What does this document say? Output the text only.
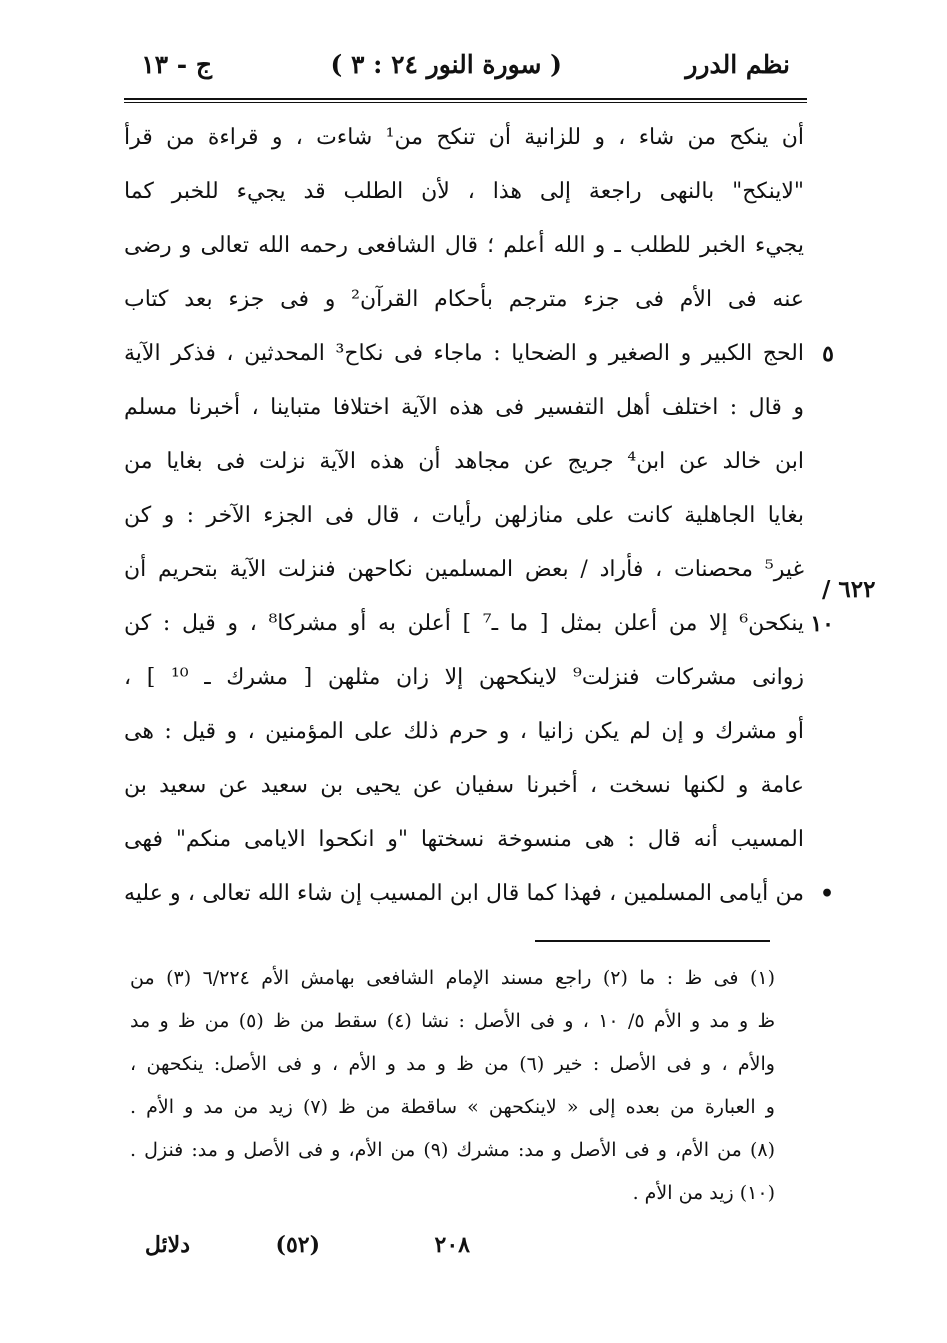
نظم الدرر
( سورة النور ٢٤ : ٣ )
ج - ١٣
أن ينكح من شاء ، و للزانية أن تنكح من¹ شاءت ، و قراءة من قرأ
"لاينكح" بالنهى راجعة إلى هذا ، لأن الطلب قد يجيء للخبر كما
يجيء الخبر للطلب ـ و الله أعلم ؛ قال الشافعى رحمه الله تعالى و رضى
عنه فى الأم فى جزء مترجم بأحكام القرآن² و فى جزء بعد كتاب
٥
الحج الكبير و الصغير و الضحايا : ماجاء فى نكاح³ المحدثين ، فذكر الآية
و قال : اختلف أهل التفسير فى هذه الآية اختلافا متباينا ، أخبرنا مسلم
ابن خالد عن ابن⁴ جريج عن مجاهد أن هذه الآية نزلت فى بغايا من
بغايا الجاهلية كانت على منازلهن رأيات ، قال فى الجزء الآخر : و كن
غير⁵ محصنات ، فأراد / بعض المسلمين نكاحهن فنزلت الآية بتحريم أن
١٠
ينكحن⁶ إلا من أعلن بمثل [ ما ـ⁷ ] أعلن به أو مشركا⁸ ، و قيل : كن
زوانى مشركات فنزلت⁹ لاينكحهن إلا زان مثلهن [ مشرك ـ ¹⁰ ] ،
أو مشرك و إن لم يكن زانيا ، و حرم ذلك على المؤمنين ، و قيل : هى
عامة و لكنها نسخت ، أخبرنا سفيان عن يحيى بن سعيد عن سعيد بن
المسيب أنه قال : هى منسوخة نسختها "و انكحوا الايامى منكم" فهى
•
من أيامى المسلمين ، فهذا كما قال ابن المسيب إن شاء الله تعالى ، و عليه
٦٢٢ /
(١) فى ظ : ما (٢) راجع مسند الإمام الشافعى بهامش الأم ٦/٢٢٤ (٣) من
ظ و مد و الأم ٥/ ١٠ ، و فى الأصل : نشا (٤) سقط من ظ (٥) من ظ و مد
والأم ، و فى الأصل : خير (٦) من ظ و مد و الأم ، و فى الأصل: ينكحهن ،
و العبارة من بعده إلى « لاينكحهن » ساقطة من ظ (٧) زيد من مد و الأم .
(٨) من الأم، و فى الأصل و مد: مشرك (٩) من الأم، و فى الأصل و مد: فنزل .
(١٠) زيد من الأم .
٢٠٨
(٥٢)
دلائل
